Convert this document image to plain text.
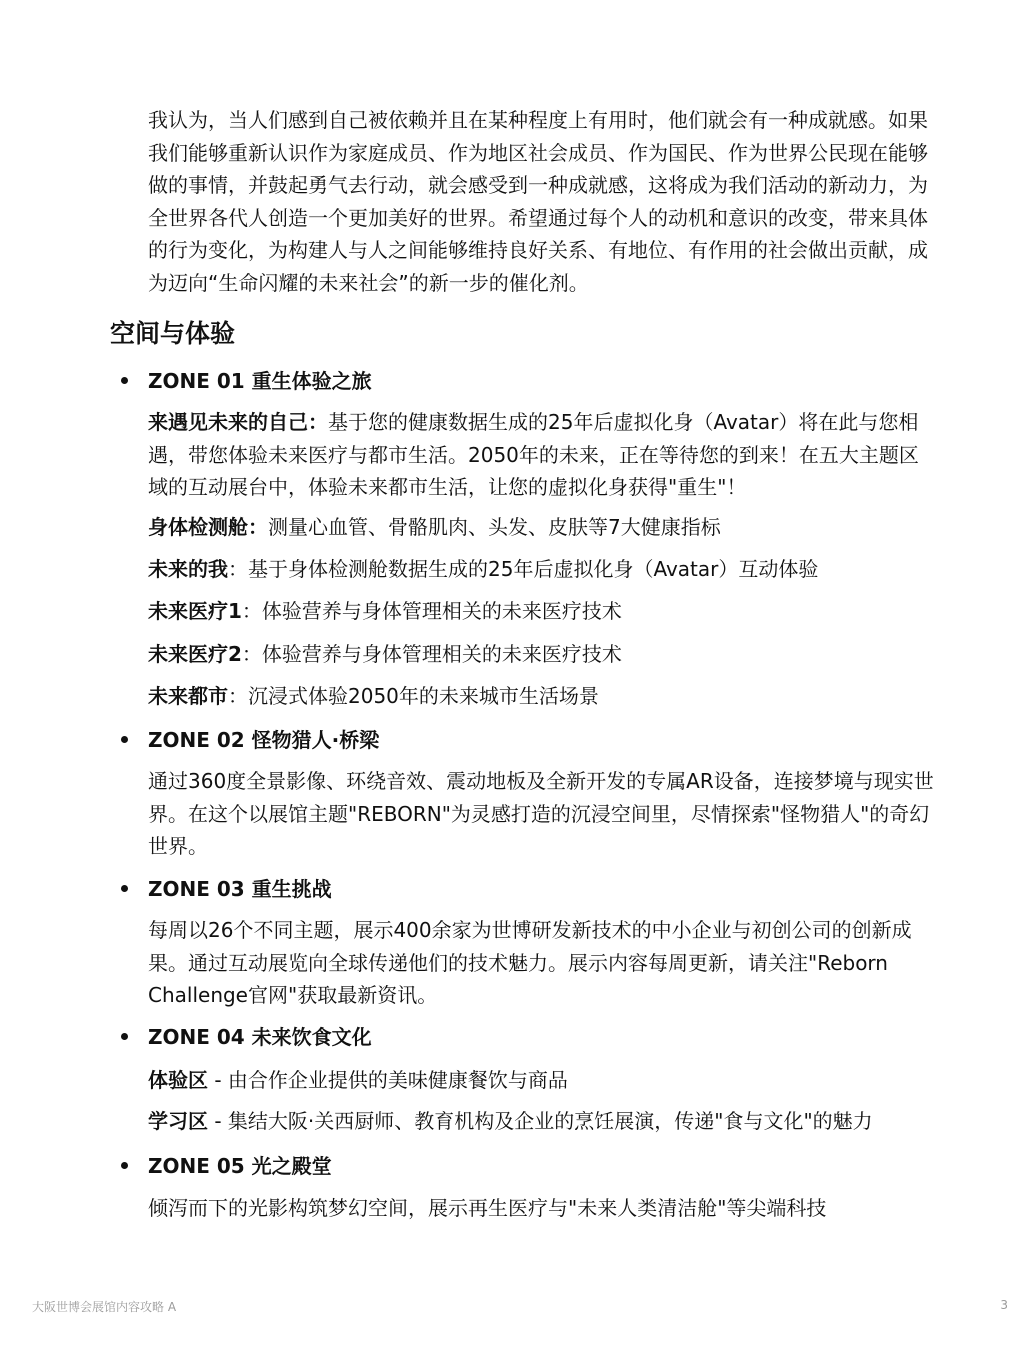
我认为，当人们感到自己被依赖并且在某种程度上有用时，他们就会有一种成就感。如果我们能够重新认识作为家庭成员、作为地区社会成员、作为国民、作为世界公民现在能够做的事情，并鼓起勇气去行动，就会感受到一种成就感，这将成为我们活动的新动力，为全世界各代人创造一个更加美好的世界。希望通过每个人的动机和意识的改变，带来具体的行为变化，为构建人与人之间能够维持良好关系、有地位、有作用的社会做出贡献，成为迈向“生命闪耀的未来社会”的新一步的催化剂。

空间与体验
ZONE 01 重生体验之旅

来遇见未来的自己：基于您的健康数据生成的25年后虚拟化身（Avatar）将在此与您相遇，带您体验未来医疗与都市生活。2050年的未来，正在等待您的到来！在五大主题区域的互动展台中，体验未来都市生活，让您的虚拟化身获得"重生"！

身体检测舱：测量心血管、骨骼肌肉、头发、皮肤等7大健康指标

未来的我：基于身体检测舱数据生成的25年后虚拟化身（Avatar）互动体验

未来医疗1：体验营养与身体管理相关的未来医疗技术

未来医疗2：体验营养与身体管理相关的未来医疗技术

未来都市：沉浸式体验2050年的未来城市生活场景

ZONE 02 怪物猎人·桥梁

通过360度全景影像、环绕音效、震动地板及全新开发的专属AR设备，连接梦境与现实世界。在这个以展馆主题"REBORN"为灵感打造的沉浸空间里，尽情探索"怪物猎人"的奇幻世界。

ZONE 03 重生挑战

每周以26个不同主题，展示400余家为世博研发新技术的中小企业与初创公司的创新成果。通过互动展览向全球传递他们的技术魅力。展示内容每周更新，请关注"Reborn Challenge官网"获取最新资讯。

ZONE 04 未来饮食文化

体验区 - 由合作企业提供的美味健康餐饮与商品

学习区 - 集结大阪·关西厨师、教育机构及企业的烹饪展演，传递"食与文化"的魅力

ZONE 05 光之殿堂

倾泻而下的光影构筑梦幻空间，展示再生医疗与"未来人类清洁舱"等尖端科技

大阪世博会展馆内容攻略 A	3
